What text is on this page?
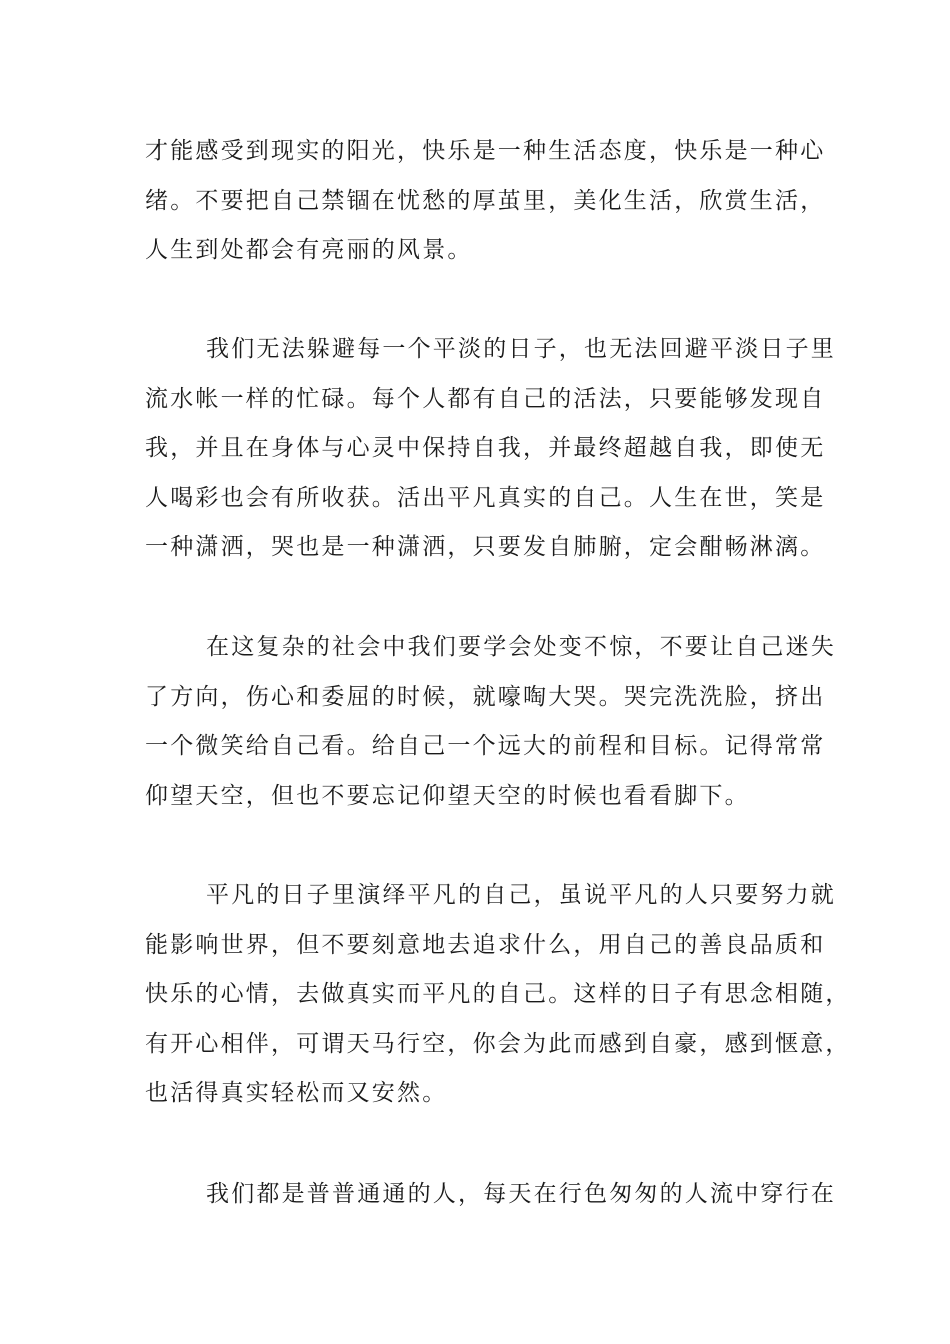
才能感受到现实的阳光，快乐是一种生活态度，快乐是一种心
绪。不要把自己禁锢在忧愁的厚茧里，美化生活，欣赏生活，
人生到处都会有亮丽的风景。
我们无法躲避每一个平淡的日子，也无法回避平淡日子里
流水帐一样的忙碌。每个人都有自己的活法，只要能够发现自
我，并且在身体与心灵中保持自我，并最终超越自我，即使无
人喝彩也会有所收获。活出平凡真实的自己。人生在世，笑是
一种潇洒，哭也是一种潇洒，只要发自肺腑，定会酣畅淋漓。
在这复杂的社会中我们要学会处变不惊，不要让自己迷失
了方向，伤心和委屈的时候，就嚎啕大哭。哭完洗洗脸，挤出
一个微笑给自己看。给自己一个远大的前程和目标。记得常常
仰望天空，但也不要忘记仰望天空的时候也看看脚下。
平凡的日子里演绎平凡的自己，虽说平凡的人只要努力就
能影响世界，但不要刻意地去追求什么，用自己的善良品质和
快乐的心情，去做真实而平凡的自己。这样的日子有思念相随，
有开心相伴，可谓天马行空，你会为此而感到自豪，感到惬意，
也活得真实轻松而又安然。
我们都是普普通通的人，每天在行色匆匆的人流中穿行在
